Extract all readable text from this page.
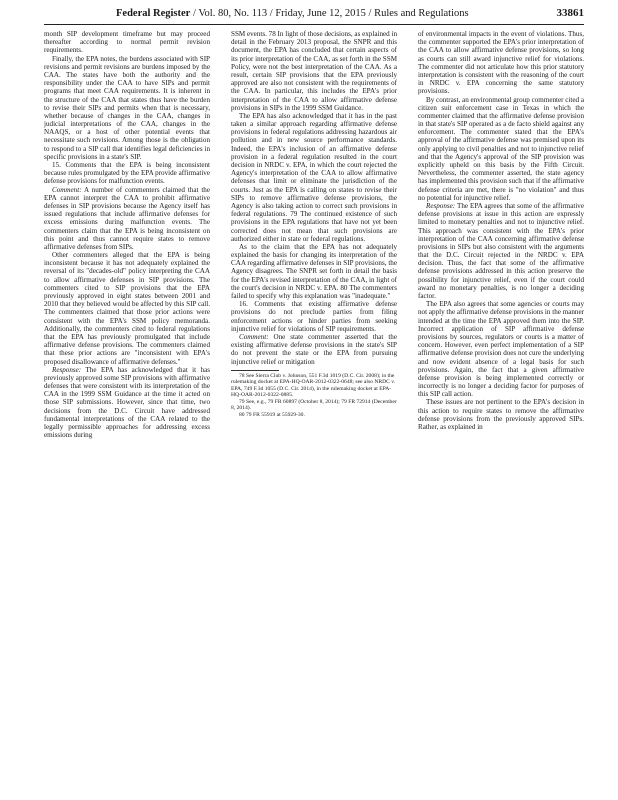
Federal Register / Vol. 80, No. 113 / Friday, June 12, 2015 / Rules and Regulations	33861

month SIP development timeframe but may proceed thereafter according to normal permit revision requirements.

Finally, the EPA notes, the burdens associated with SIP revisions and permit revisions are burdens imposed by the CAA. The states have both the authority and the responsibility under the CAA to have SIPs and permit programs that meet CAA requirements. It is inherent in the structure of the CAA that states thus have the burden to revise their SIPs and permits when that is necessary, whether because of changes in the CAA, changes in judicial interpretations of the CAA, changes in the NAAQS, or a host of other potential events that necessitate such revisions. Among those is the obligation to respond to a SIP call that identifies legal deficiencies in specific provisions in a state's SIP.

15. Comments that the EPA is being inconsistent because rules promulgated by the EPA provide affirmative defense provisions for malfunction events.

Comment: A number of commenters claimed that the EPA cannot interpret the CAA to prohibit affirmative defenses in SIP provisions because the Agency itself has issued regulations that include affirmative defenses for excess emissions during malfunction events. The commenters claim that the EPA is being inconsistent on this point and thus cannot require states to remove affirmative defenses from SIPs.

Other commenters alleged that the EPA is being inconsistent because it has not adequately explained the reversal of its "decades-old" policy interpreting the CAA to allow affirmative defenses in SIP provisions. The commenters cited to SIP provisions that the EPA previously approved in eight states between 2001 and 2010 that they believed would be affected by this SIP call. The commenters claimed that those prior actions were consistent with the EPA's SSM policy memoranda. Additionally, the commenters cited to federal regulations that the EPA has previously promulgated that include affirmative defense provisions. The commenters claimed that these prior actions are "inconsistent with EPA's proposed disallowance of affirmative defenses."

Response: The EPA has acknowledged that it has previously approved some SIP provisions with affirmative defenses that were consistent with its interpretation of the CAA in the 1999 SSM Guidance at the time it acted on those SIP submissions. However, since that time, two decisions from the D.C. Circuit have addressed fundamental interpretations of the CAA related to the legally permissible approaches for addressing excess emissions during

SSM events. 78 In light of those decisions, as explained in detail in the February 2013 proposal, the SNPR and this document, the EPA has concluded that certain aspects of its prior interpretation of the CAA, as set forth in the SSM Policy, were not the best interpretation of the CAA. As a result, certain SIP provisions that the EPA previously approved are also not consistent with the requirements of the CAA. In particular, this includes the EPA's prior interpretation of the CAA to allow affirmative defense provisions in SIPs in the 1999 SSM Guidance.

The EPA has also acknowledged that it has in the past taken a similar approach regarding affirmative defense provisions in federal regulations addressing hazardous air pollution and in new source performance standards. Indeed, the EPA's inclusion of an affirmative defense provision in a federal regulation resulted in the court decision in NRDC v. EPA, in which the court rejected the Agency's interpretation of the CAA to allow affirmative defenses that limit or eliminate the jurisdiction of the courts. Just as the EPA is calling on states to revise their SIPs to remove affirmative defense provisions, the Agency is also taking action to correct such provisions in federal regulations. 79 The continued existence of such provisions in the EPA regulations that have not yet been corrected does not mean that such provisions are authorized either in state or federal regulations.

As to the claim that the EPA has not adequately explained the basis for changing its interpretation of the CAA regarding affirmative defenses in SIP provisions, the Agency disagrees. The SNPR set forth in detail the basis for the EPA's revised interpretation of the CAA, in light of the court's decision in NRDC v. EPA. 80 The commenters failed to specify why this explanation was "inadequate."

16. Comments that existing affirmative defense provisions do not preclude parties from filing enforcement actions or hinder parties from seeking injunctive relief for violations of SIP requirements.

Comment: One state commenter asserted that the existing affirmative defense provisions in the state's SIP do not prevent the state or the EPA from pursuing injunctive relief or mitigation

78 See Sierra Club v. Johnson, 551 F.3d 1019 (D.C. Cir. 2008); in the rulemaking docket at EPA-HQ-OAR-2012-0322-0648; see also NRDC v. EPA, 749 F.3d 1055 (D.C. Cir. 2014), in the rulemaking docket at EPA-HQ-OAR-2012-0322-0885.

79 See, e.g., 79 FR 60897 (October 8, 2014); 79 FR 72914 (December 8, 2014).

80 79 FR 55919 at 55929-30.

of environmental impacts in the event of violations. Thus, the commenter supported the EPA's prior interpretation of the CAA to allow affirmative defense provisions, so long as courts can still award injunctive relief for violations. The commenter did not articulate how this prior statutory interpretation is consistent with the reasoning of the court in NRDC v. EPA concerning the same statutory provisions.

By contrast, an environmental group commenter cited a citizen suit enforcement case in Texas in which the commenter claimed that the affirmative defense provision in that state's SIP operated as a de facto shield against any enforcement. The commenter stated that the EPA's approval of the affirmative defense was premised upon its only applying to civil penalties and not to injunctive relief and that the Agency's approval of the SIP provision was explicitly upheld on this basis by the Fifth Circuit. Nevertheless, the commenter asserted, the state agency has implemented this provision such that if the affirmative defense criteria are met, there is "no violation" and thus no potential for injunctive relief.

Response: The EPA agrees that some of the affirmative defense provisions at issue in this action are expressly limited to monetary penalties and not to injunctive relief. This approach was consistent with the EPA's prior interpretation of the CAA concerning affirmative defense provisions in SIPs but also consistent with the arguments that the D.C. Circuit rejected in the NRDC v. EPA decision. Thus, the fact that some of the affirmative defense provisions addressed in this action preserve the possibility for injunctive relief, even if the court could award no monetary penalties, is no longer a deciding factor.

The EPA also agrees that some agencies or courts may not apply the affirmative defense provisions in the manner intended at the time the EPA approved them into the SIP. Incorrect application of SIP affirmative defense provisions by sources, regulators or courts is a matter of concern. However, even perfect implementation of a SIP affirmative defense provision does not cure the underlying and now evident absence of a legal basis for such provisions. Again, the fact that a given affirmative defense provision is being implemented correctly or incorrectly is no longer a deciding factor for purposes of this SIP call action.

These issues are not pertinent to the EPA's decision in this action to require states to remove the affirmative defense provisions from the previously approved SIPs. Rather, as explained in
